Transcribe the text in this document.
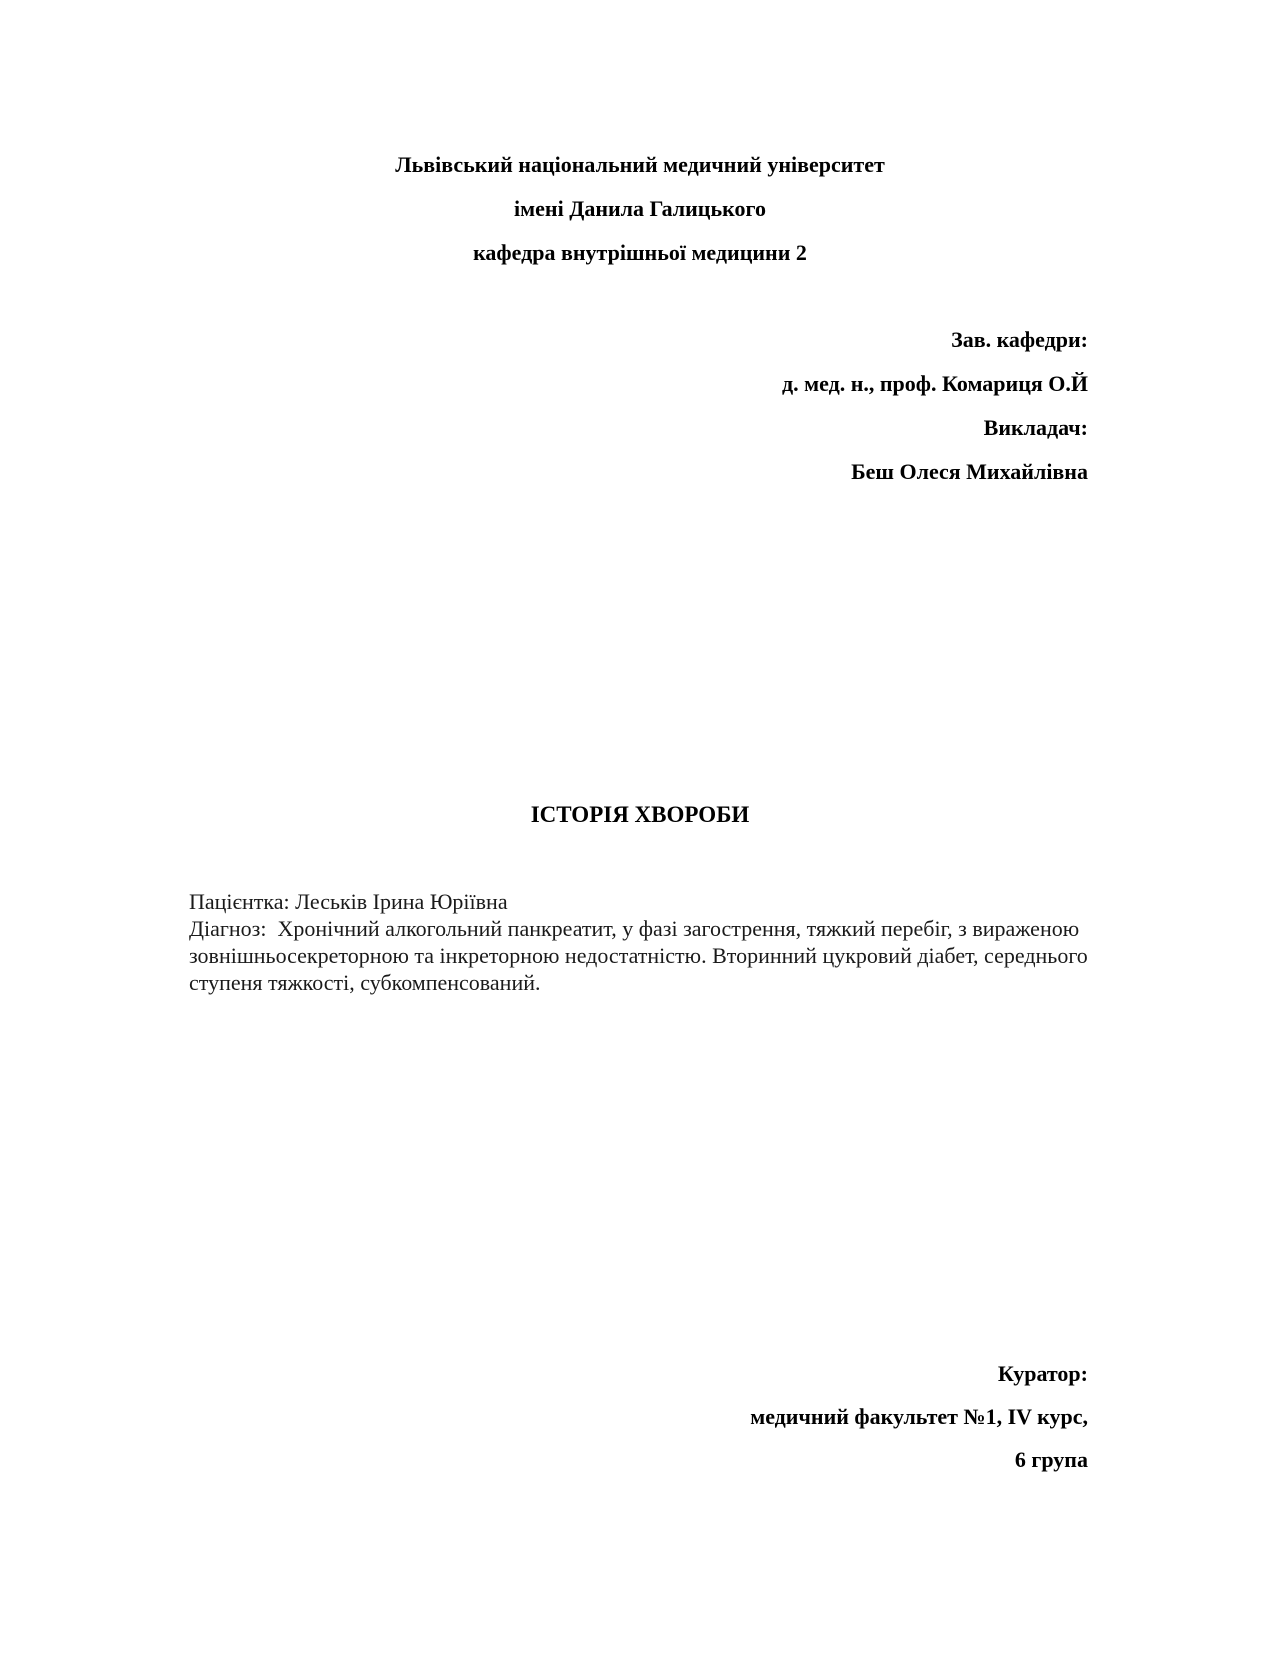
Львівський національний медичний університет
імені Данила Галицького
кафедра внутрішньої медицини 2
Зав. кафедри:
д. мед. н., проф. Комариця О.Й
Викладач:
Беш Олеся Михайлівна
ІСТОРІЯ ХВОРОБИ

Пацієнтка: Леськів Ірина Юріївна

Діагноз: Хронічний алкогольний панкреатит, у фазі загострення, тяжкий перебіг, з вираженою зовнішньосекреторною та інкреторною недостатністю. Вторинний цукровий діабет, середнього ступеня тяжкості, субкомпенсований.

Куратор:
медичний факультет №1, IV курс,
6 група
